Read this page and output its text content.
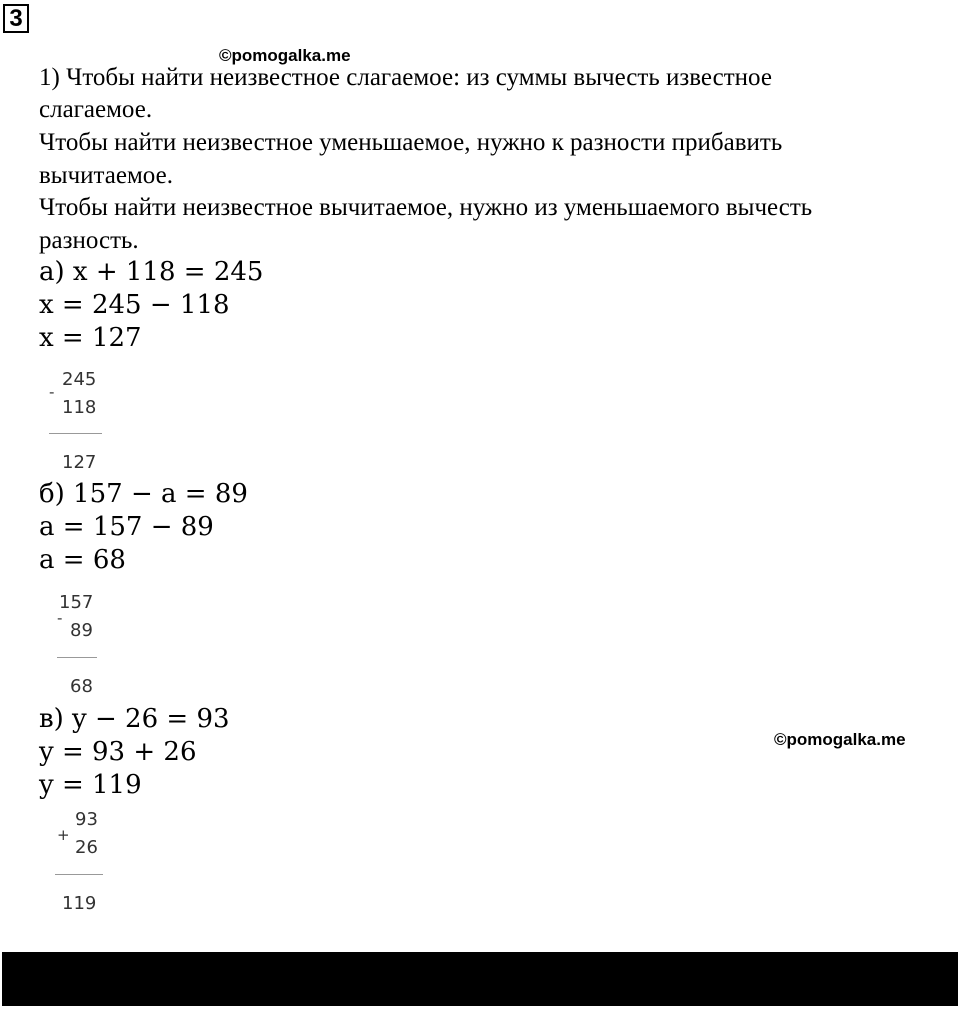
3
©pomogalka.me
©pomogalka.me
1) Чтобы найти неизвестное слагаемое: из суммы вычесть известное
слагаемое.
Чтобы найти неизвестное уменьшаемое, нужно к разности прибавить
вычитаемое.
Чтобы найти неизвестное вычитаемое, нужно из уменьшаемого вычесть
разность.
а) x + 118 = 245
x = 245 − 118
x = 127
-
245
118
127
б) 157 − a = 89
a = 157 − 89
a = 68
-
157
89
68
в) y − 26 = 93
y = 93 + 26
y = 119
+
93
26
119
